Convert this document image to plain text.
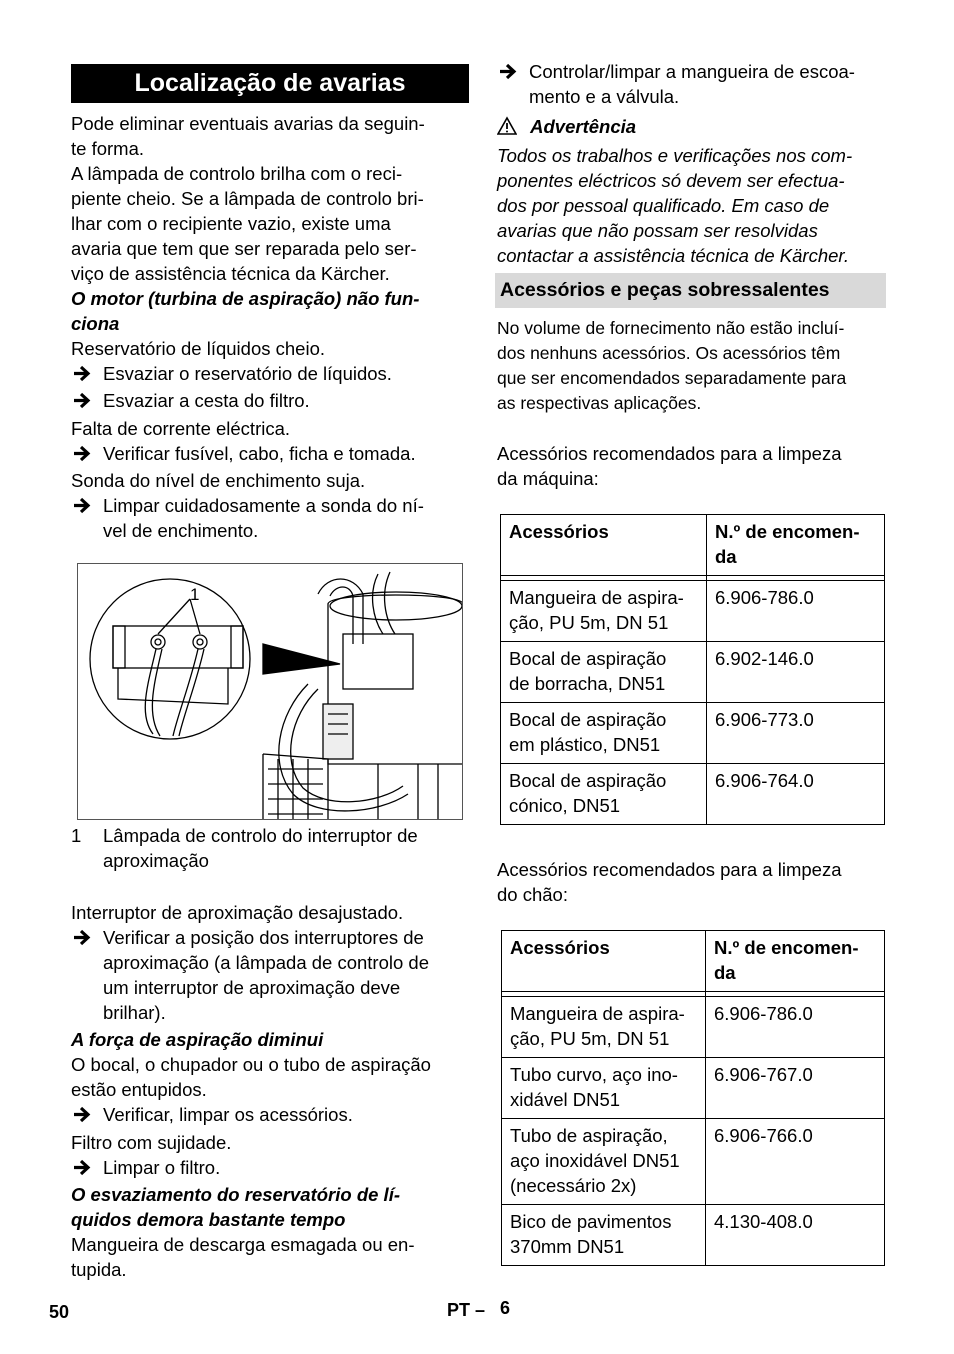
Localização de avarias
Pode eliminar eventuais avarias da seguin-
te forma.
A lâmpada de controlo brilha com o reci-
piente cheio. Se a lâmpada de controlo bri-
lhar com o recipiente vazio, existe uma
avaria que tem que ser reparada pelo ser-
viço de assistência técnica da Kärcher.
O motor (turbina de aspiração) não fun-
ciona
Reservatório de líquidos cheio.
Esvaziar o reservatório de líquidos.
Esvaziar a cesta do filtro.
Falta de corrente eléctrica.
Verificar fusível, cabo, ficha e tomada.
Sonda do nível de enchimento suja.
Limpar cuidadosamente a sonda do ní-
vel de enchimento.
1
1 Lâmpada de controlo do interruptor de
aproximação
Interruptor de aproximação desajustado.
Verificar a posição dos interruptores de
aproximação (a lâmpada de controlo de
um interruptor de aproximação deve
brilhar).
A força de aspiração diminui
O bocal, o chupador ou o tubo de aspiração
estão entupidos.
Verificar, limpar os acessórios.
Filtro com sujidade.
Limpar o filtro.
O esvaziamento do reservatório de lí-
quidos demora bastante tempo
Mangueira de descarga esmagada ou en-
tupida.
Controlar/limpar a mangueira de escoa-
mento e a válvula.
Advertência
Todos os trabalhos e verificações nos com-
ponentes eléctricos só devem ser efectua-
dos por pessoal qualificado. Em caso de
avarias que não possam ser resolvidas
contactar a assistência técnica de Kärcher.
Acessórios e peças sobressalentes
No volume de fornecimento não estão incluí-
dos nenhuns acessórios. Os acessórios têm
que ser encomendados separadamente para
as respectivas aplicações.
Acessórios recomendados para a limpeza
da máquina:
Acessórios	N.º de encomen-
da

Mangueira de aspira-
ção, PU 5m, DN 51	6.906-786.0
Bocal de aspiração
de borracha, DN51	6.902-146.0
Bocal de aspiração
em plástico, DN51	6.906-773.0
Bocal de aspiração
cónico, DN51	6.906-764.0
Acessórios recomendados para a limpeza
do chão:
Acessórios	N.º de encomen-
da

Mangueira de aspira-
ção, PU 5m, DN 51	6.906-786.0
Tubo curvo, aço ino-
xidável DN51	6.906-767.0
Tubo de aspiração,
aço inoxidável DN51
(necessário 2x)	6.906-766.0
Bico de pavimentos
370mm DN51	4.130-408.0
50	PT – 6
